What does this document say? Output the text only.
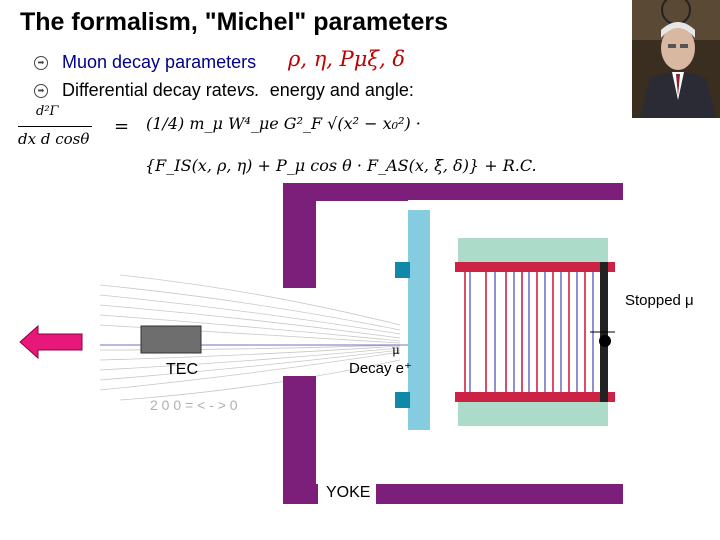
The formalism, "Michel" parameters
➡ Muon decay parameters ρ, η, Pμξ, δ
➡ Differential decay rate vs. energy and angle:
d²Γ
dx d cosθ
= (1/4) m_μ W⁴_μe G²_F √(x² − x₀²) ·
{F_IS(x, ρ, η) + P_μ cos θ · F_AS(x, ξ, δ)} + R.C.
2 0 0 = < - > 0
Stopped μ
Decay e⁺
TEC
YOKE
μ
